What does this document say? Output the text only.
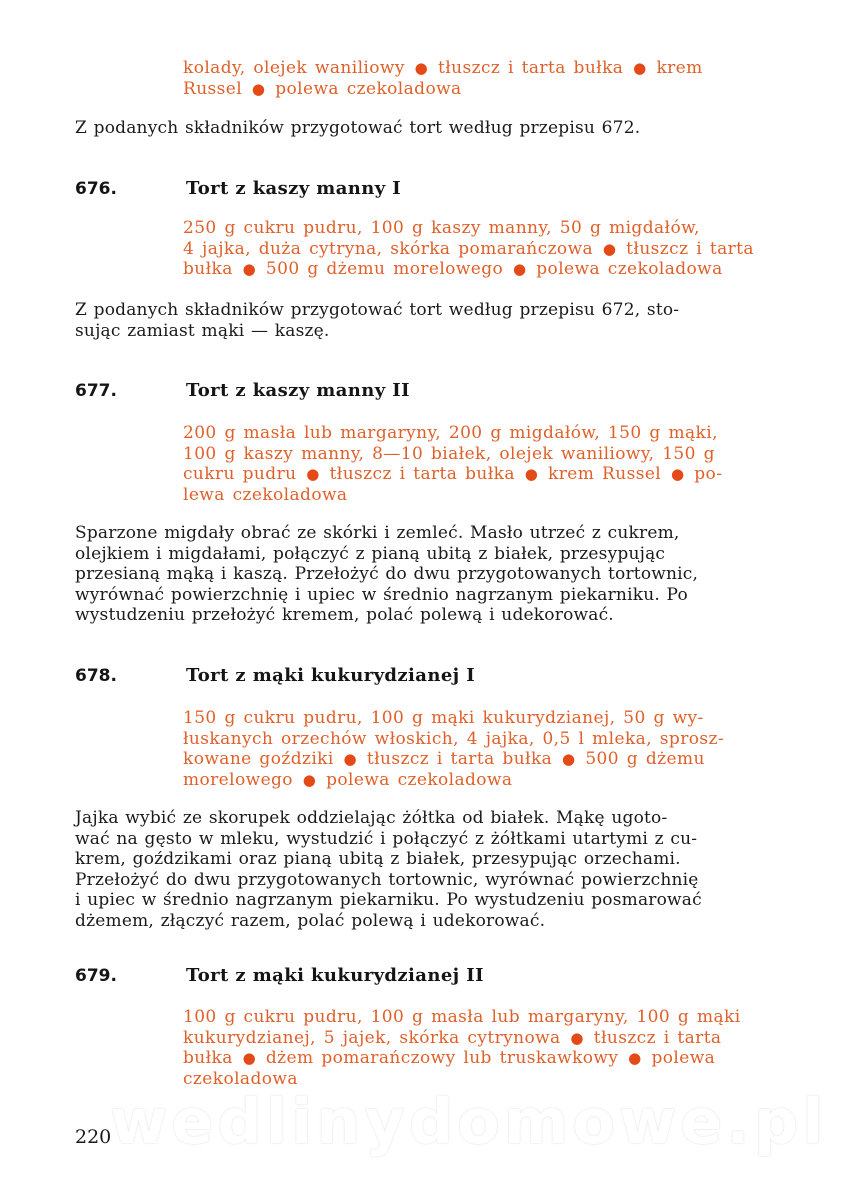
kolady, olejek waniliowy ● tłuszcz i tarta bułka ● krem
Russel ● polewa czekoladowa
Z podanych składników przygotować tort według przepisu 672.
676.	Tort z kaszy manny I
250 g cukru pudru, 100 g kaszy manny, 50 g migdałów,
4 jajka, duża cytryna, skórka pomarańczowa ● tłuszcz i tarta
bułka ● 500 g dżemu morelowego ● polewa czekoladowa
Z podanych składników przygotować tort według przepisu 672, sto-
sując zamiast mąki — kaszę.
677.	Tort z kaszy manny II
200 g masła lub margaryny, 200 g migdałów, 150 g mąki,
100 g kaszy manny, 8—10 białek, olejek waniliowy, 150 g
cukru pudru ● tłuszcz i tarta bułka ● krem Russel ● po-
lewa czekoladowa
Sparzone migdały obrać ze skórki i zemleć. Masło utrzeć z cukrem,
olejkiem i migdałami, połączyć z pianą ubitą z białek, przesypując
przesianą mąką i kaszą. Przełożyć do dwu przygotowanych tortownic,
wyrównać powierzchnię i upiec w średnio nagrzanym piekarniku. Po
wystudzeniu przełożyć kremem, polać polewą i udekorować.
678.	Tort z mąki kukurydzianej I
150 g cukru pudru, 100 g mąki kukurydzianej, 50 g wy-
łuskanych orzechów włoskich, 4 jajka, 0,5 l mleka, sprosz-
kowane goździki ● tłuszcz i tarta bułka ● 500 g dżemu
morelowego ● polewa czekoladowa
Jajka wybić ze skorupek oddzielając żółtka od białek. Mąkę ugoto-
wać na gęsto w mleku, wystudzić i połączyć z żółtkami utartymi z cu-
krem, goździkami oraz pianą ubitą z białek, przesypując orzechami.
Przełożyć do dwu przygotowanych tortownic, wyrównać powierzchnię
i upiec w średnio nagrzanym piekarniku. Po wystudzeniu posmarować
dżemem, złączyć razem, polać polewą i udekorować.
679.	Tort z mąki kukurydzianej II
100 g cukru pudru, 100 g masła lub margaryny, 100 g mąki
kukurydzianej, 5 jajek, skórka cytrynowa ● tłuszcz i tarta
bułka ● dżem pomarańczowy lub truskawkowy ● polewa
czekoladowa
wedlinydomowe.pl
220
